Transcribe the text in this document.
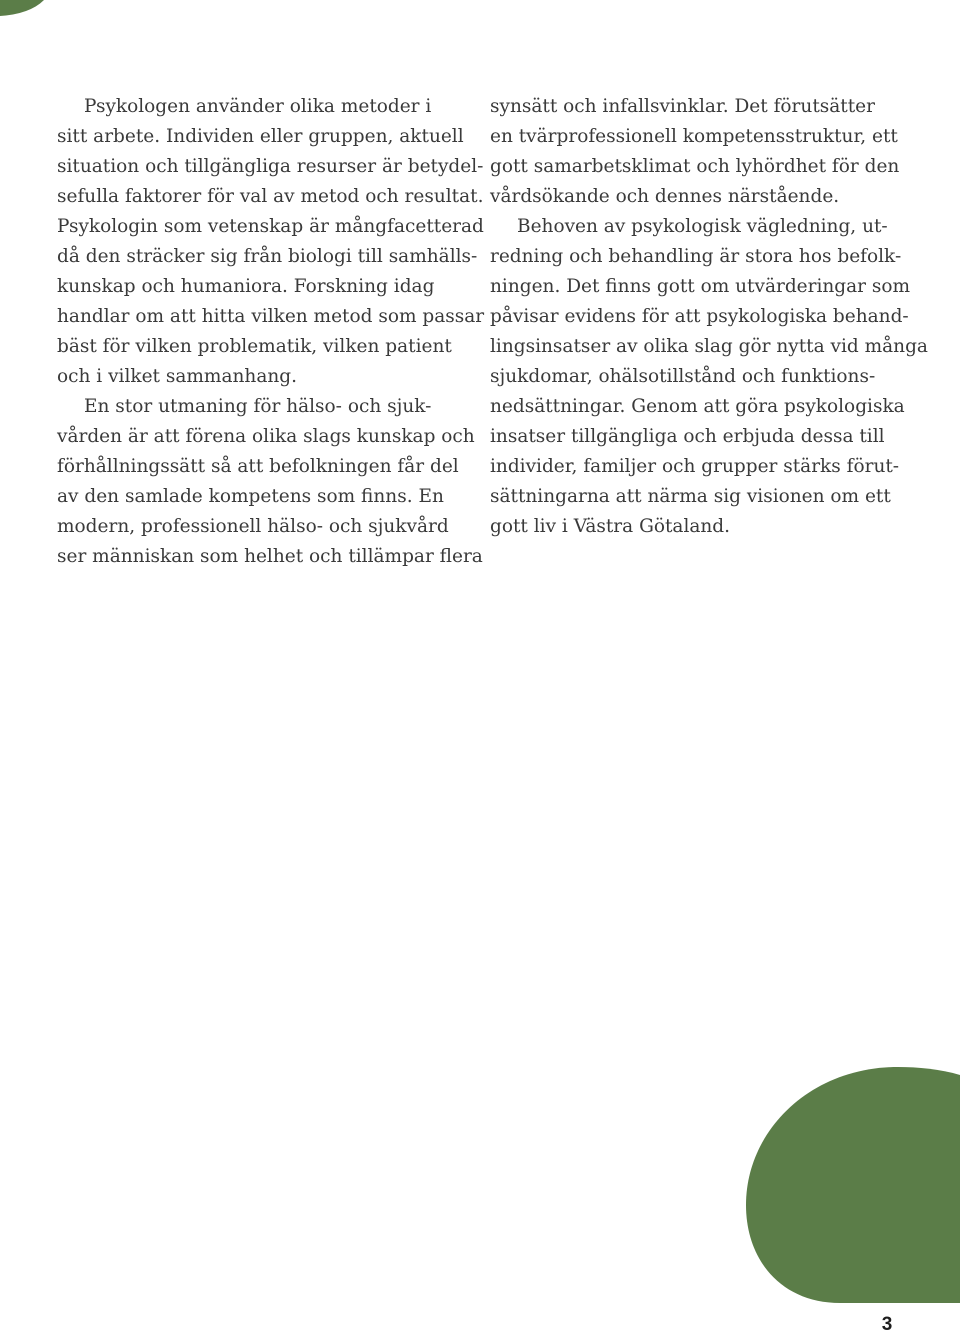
Psykologen använder olika metoder i
sitt arbete. Individen eller gruppen, aktuell
situation och tillgängliga resurser är betydel-
sefulla faktorer för val av metod och resultat.
Psykologin som vetenskap är mångfacetterad
då den sträcker sig från biologi till samhälls-
kunskap och humaniora. Forskning idag
handlar om att hitta vilken metod som passar
bäst för vilken problematik, vilken patient
och i vilket sammanhang.
En stor utmaning för hälso- och sjuk-
vården är att förena olika slags kunskap och
förhållningssätt så att befolkningen får del
av den samlade kompetens som finns. En
modern, professionell hälso- och sjukvård
ser människan som helhet och tillämpar flera
synsätt och infallsvinklar. Det förutsätter
en tvärprofessionell kompetensstruktur, ett
gott samarbetsklimat och lyhördhet för den
vårdsökande och dennes närstående.
Behoven av psykologisk vägledning, ut-
redning och behandling är stora hos befolk-
ningen. Det finns gott om utvärderingar som
påvisar evidens för att psykologiska behand-
lingsinsatser av olika slag gör nytta vid många
sjukdomar, ohälsotillstånd och funktions-
nedsättningar. Genom att göra psykologiska
insatser tillgängliga och erbjuda dessa till
individer, familjer och grupper stärks förut-
sättningarna att närma sig visionen om ett
gott liv i Västra Götaland.
3
